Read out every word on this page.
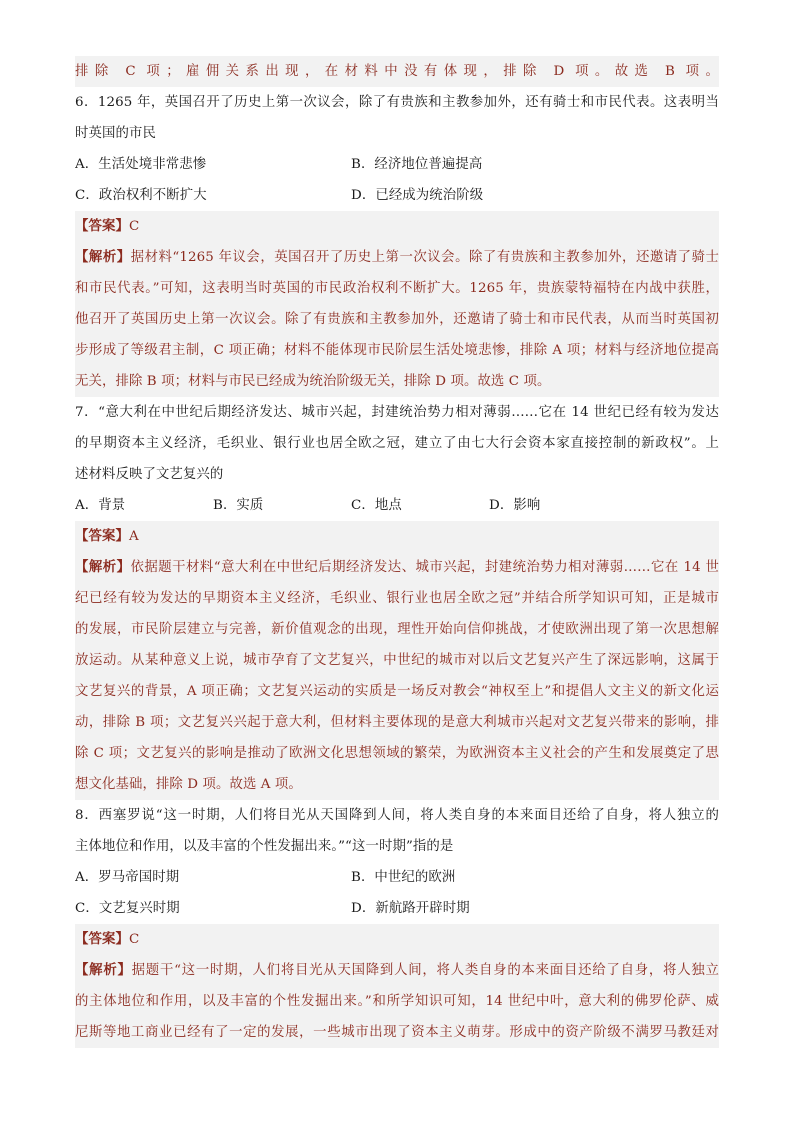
排除 C 项；雇佣关系出现，在材料中没有体现，排除 D 项。故选 B 项。
6．1265 年，英国召开了历史上第一次议会，除了有贵族和主教参加外，还有骑士和市民代表。这表明当
时英国的市民
A．生活处境非常悲惨	B．经济地位普遍提高
C．政治权利不断扩大	D．已经成为统治阶级
【答案】C
【解析】据材料“1265 年议会，英国召开了历史上第一次议会。除了有贵族和主教参加外，还邀请了骑士
和市民代表。”可知，这表明当时英国的市民政治权利不断扩大。1265 年，贵族蒙特福特在内战中获胜，
他召开了英国历史上第一次议会。除了有贵族和主教参加外，还邀请了骑士和市民代表，从而当时英国初
步形成了等级君主制，C 项正确；材料不能体现市民阶层生活处境悲惨，排除 A 项；材料与经济地位提高
无关，排除 B 项；材料与市民已经成为统治阶级无关，排除 D 项。故选 C 项。
7．“意大利在中世纪后期经济发达、城市兴起，封建统治势力相对薄弱……它在 14 世纪已经有较为发达
的早期资本主义经济，毛织业、银行业也居全欧之冠，建立了由七大行会资本家直接控制的新政权”。上
述材料反映了文艺复兴的
A．背景	B．实质	C．地点	D．影响
【答案】A
【解析】依据题干材料“意大利在中世纪后期经济发达、城市兴起，封建统治势力相对薄弱……它在 14 世
纪已经有较为发达的早期资本主义经济，毛织业、银行业也居全欧之冠”并结合所学知识可知，正是城市
的发展，市民阶层建立与完善，新价值观念的出现，理性开始向信仰挑战，才使欧洲出现了第一次思想解
放运动。从某种意义上说，城市孕育了文艺复兴，中世纪的城市对以后文艺复兴产生了深远影响，这属于
文艺复兴的背景，A 项正确；文艺复兴运动的实质是一场反对教会“神权至上”和提倡人文主义的新文化运
动，排除 B 项；文艺复兴兴起于意大利，但材料主要体现的是意大利城市兴起对文艺复兴带来的影响，排
除 C 项；文艺复兴的影响是推动了欧洲文化思想领域的繁荣，为欧洲资本主义社会的产生和发展奠定了思
想文化基础，排除 D 项。故选 A 项。
8．西塞罗说“这一时期，人们将目光从天国降到人间，将人类自身的本来面目还给了自身，将人独立的
主体地位和作用，以及丰富的个性发掘出来。”“这一时期”指的是
A．罗马帝国时期	B．中世纪的欧洲
C．文艺复兴时期	D．新航路开辟时期
【答案】C
【解析】据题干“这一时期，人们将目光从天国降到人间，将人类自身的本来面目还给了自身，将人独立
的主体地位和作用，以及丰富的个性发掘出来。”和所学知识可知，14 世纪中叶，意大利的佛罗伦萨、威
尼斯等地工商业已经有了一定的发展，一些城市出现了资本主义萌芽。形成中的资产阶级不满罗马教廷对
